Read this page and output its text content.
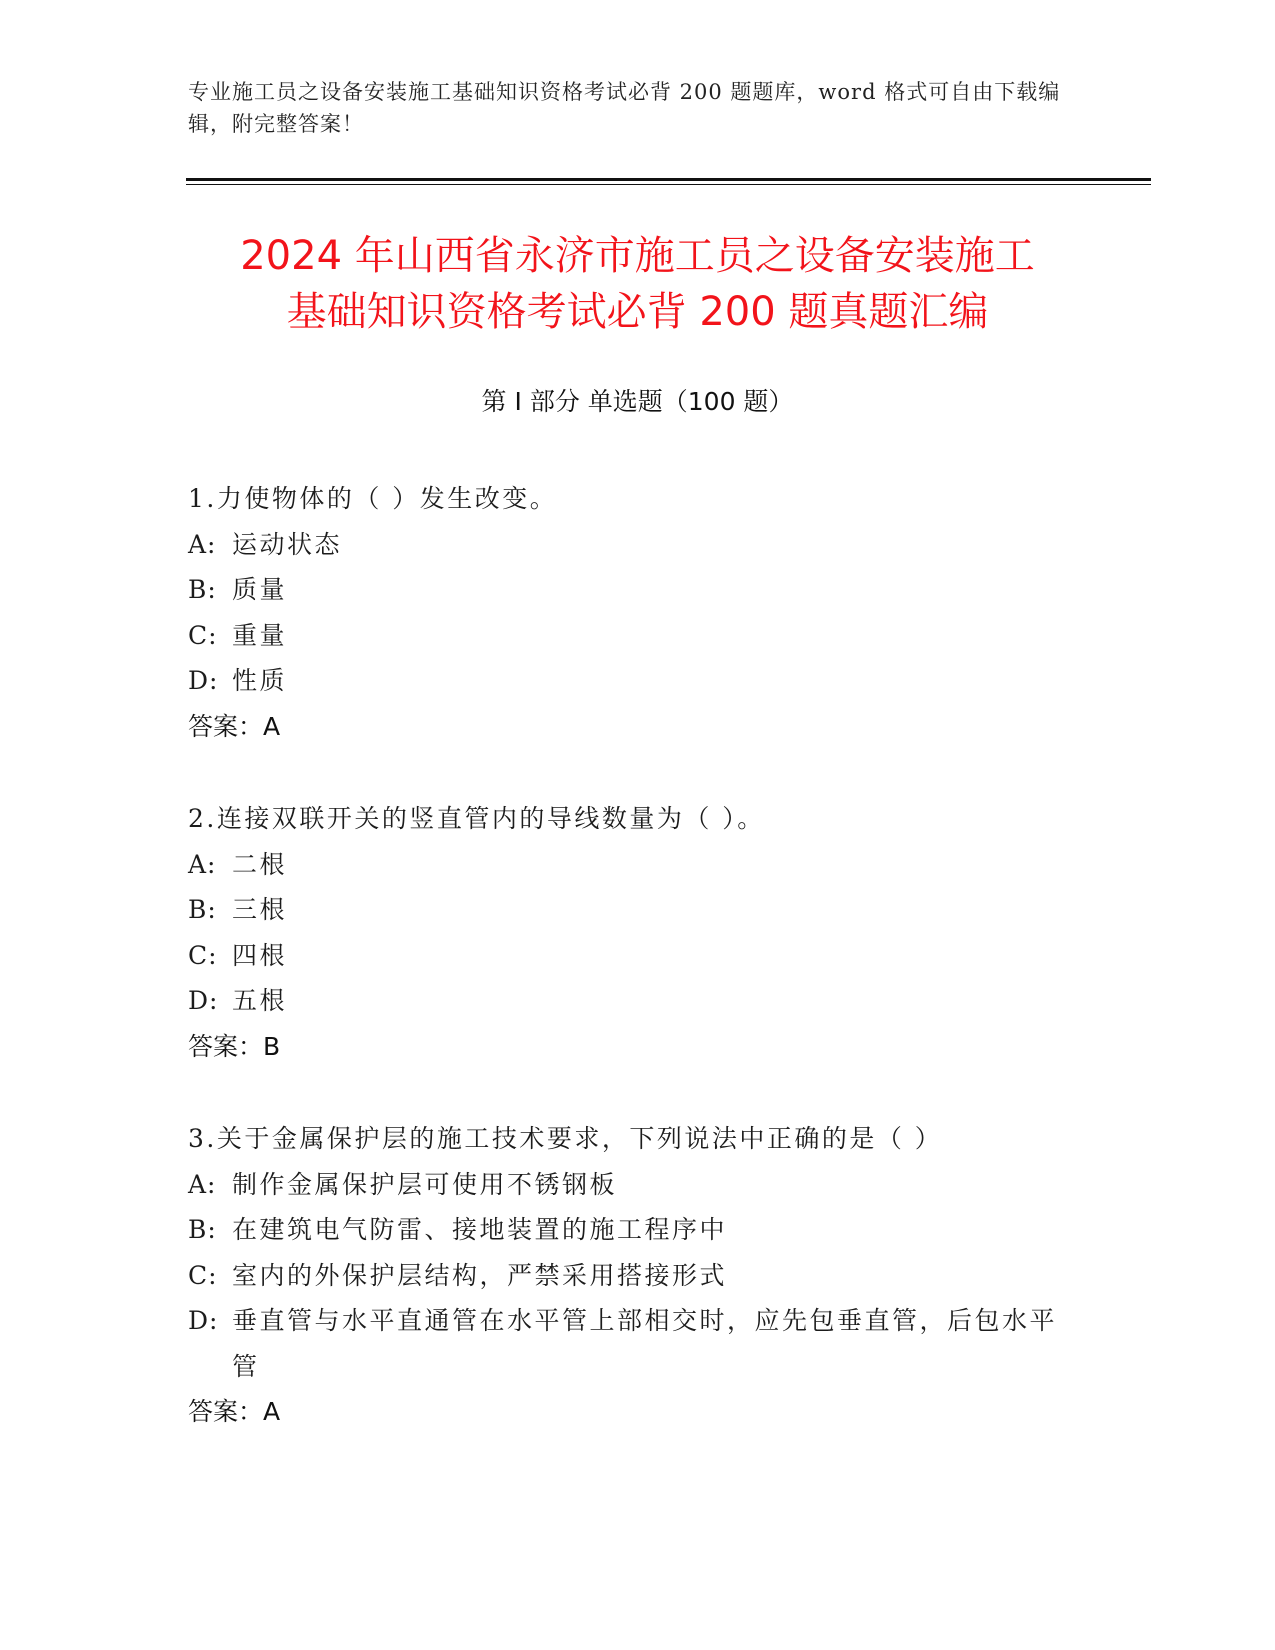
专业施工员之设备安装施工基础知识资格考试必背 200 题题库，word 格式可自由下载编辑，附完整答案！
2024 年山西省永济市施工员之设备安装施工
基础知识资格考试必背 200 题真题汇编
第 I 部分 单选题（100 题）
1.力使物体的（ ）发生改变。
A: 运动状态
B: 质量
C: 重量
D: 性质
答案：A
2.连接双联开关的竖直管内的导线数量为（ ）。
A: 二根
B: 三根
C: 四根
D: 五根
答案：B
3.关于金属保护层的施工技术要求，下列说法中正确的是（ ）
A: 制作金属保护层可使用不锈钢板
B: 在建筑电气防雷、接地装置的施工程序中
C: 室内的外保护层结构，严禁采用搭接形式
D: 垂直管与水平直通管在水平管上部相交时，应先包垂直管，后包水平管
答案：A
